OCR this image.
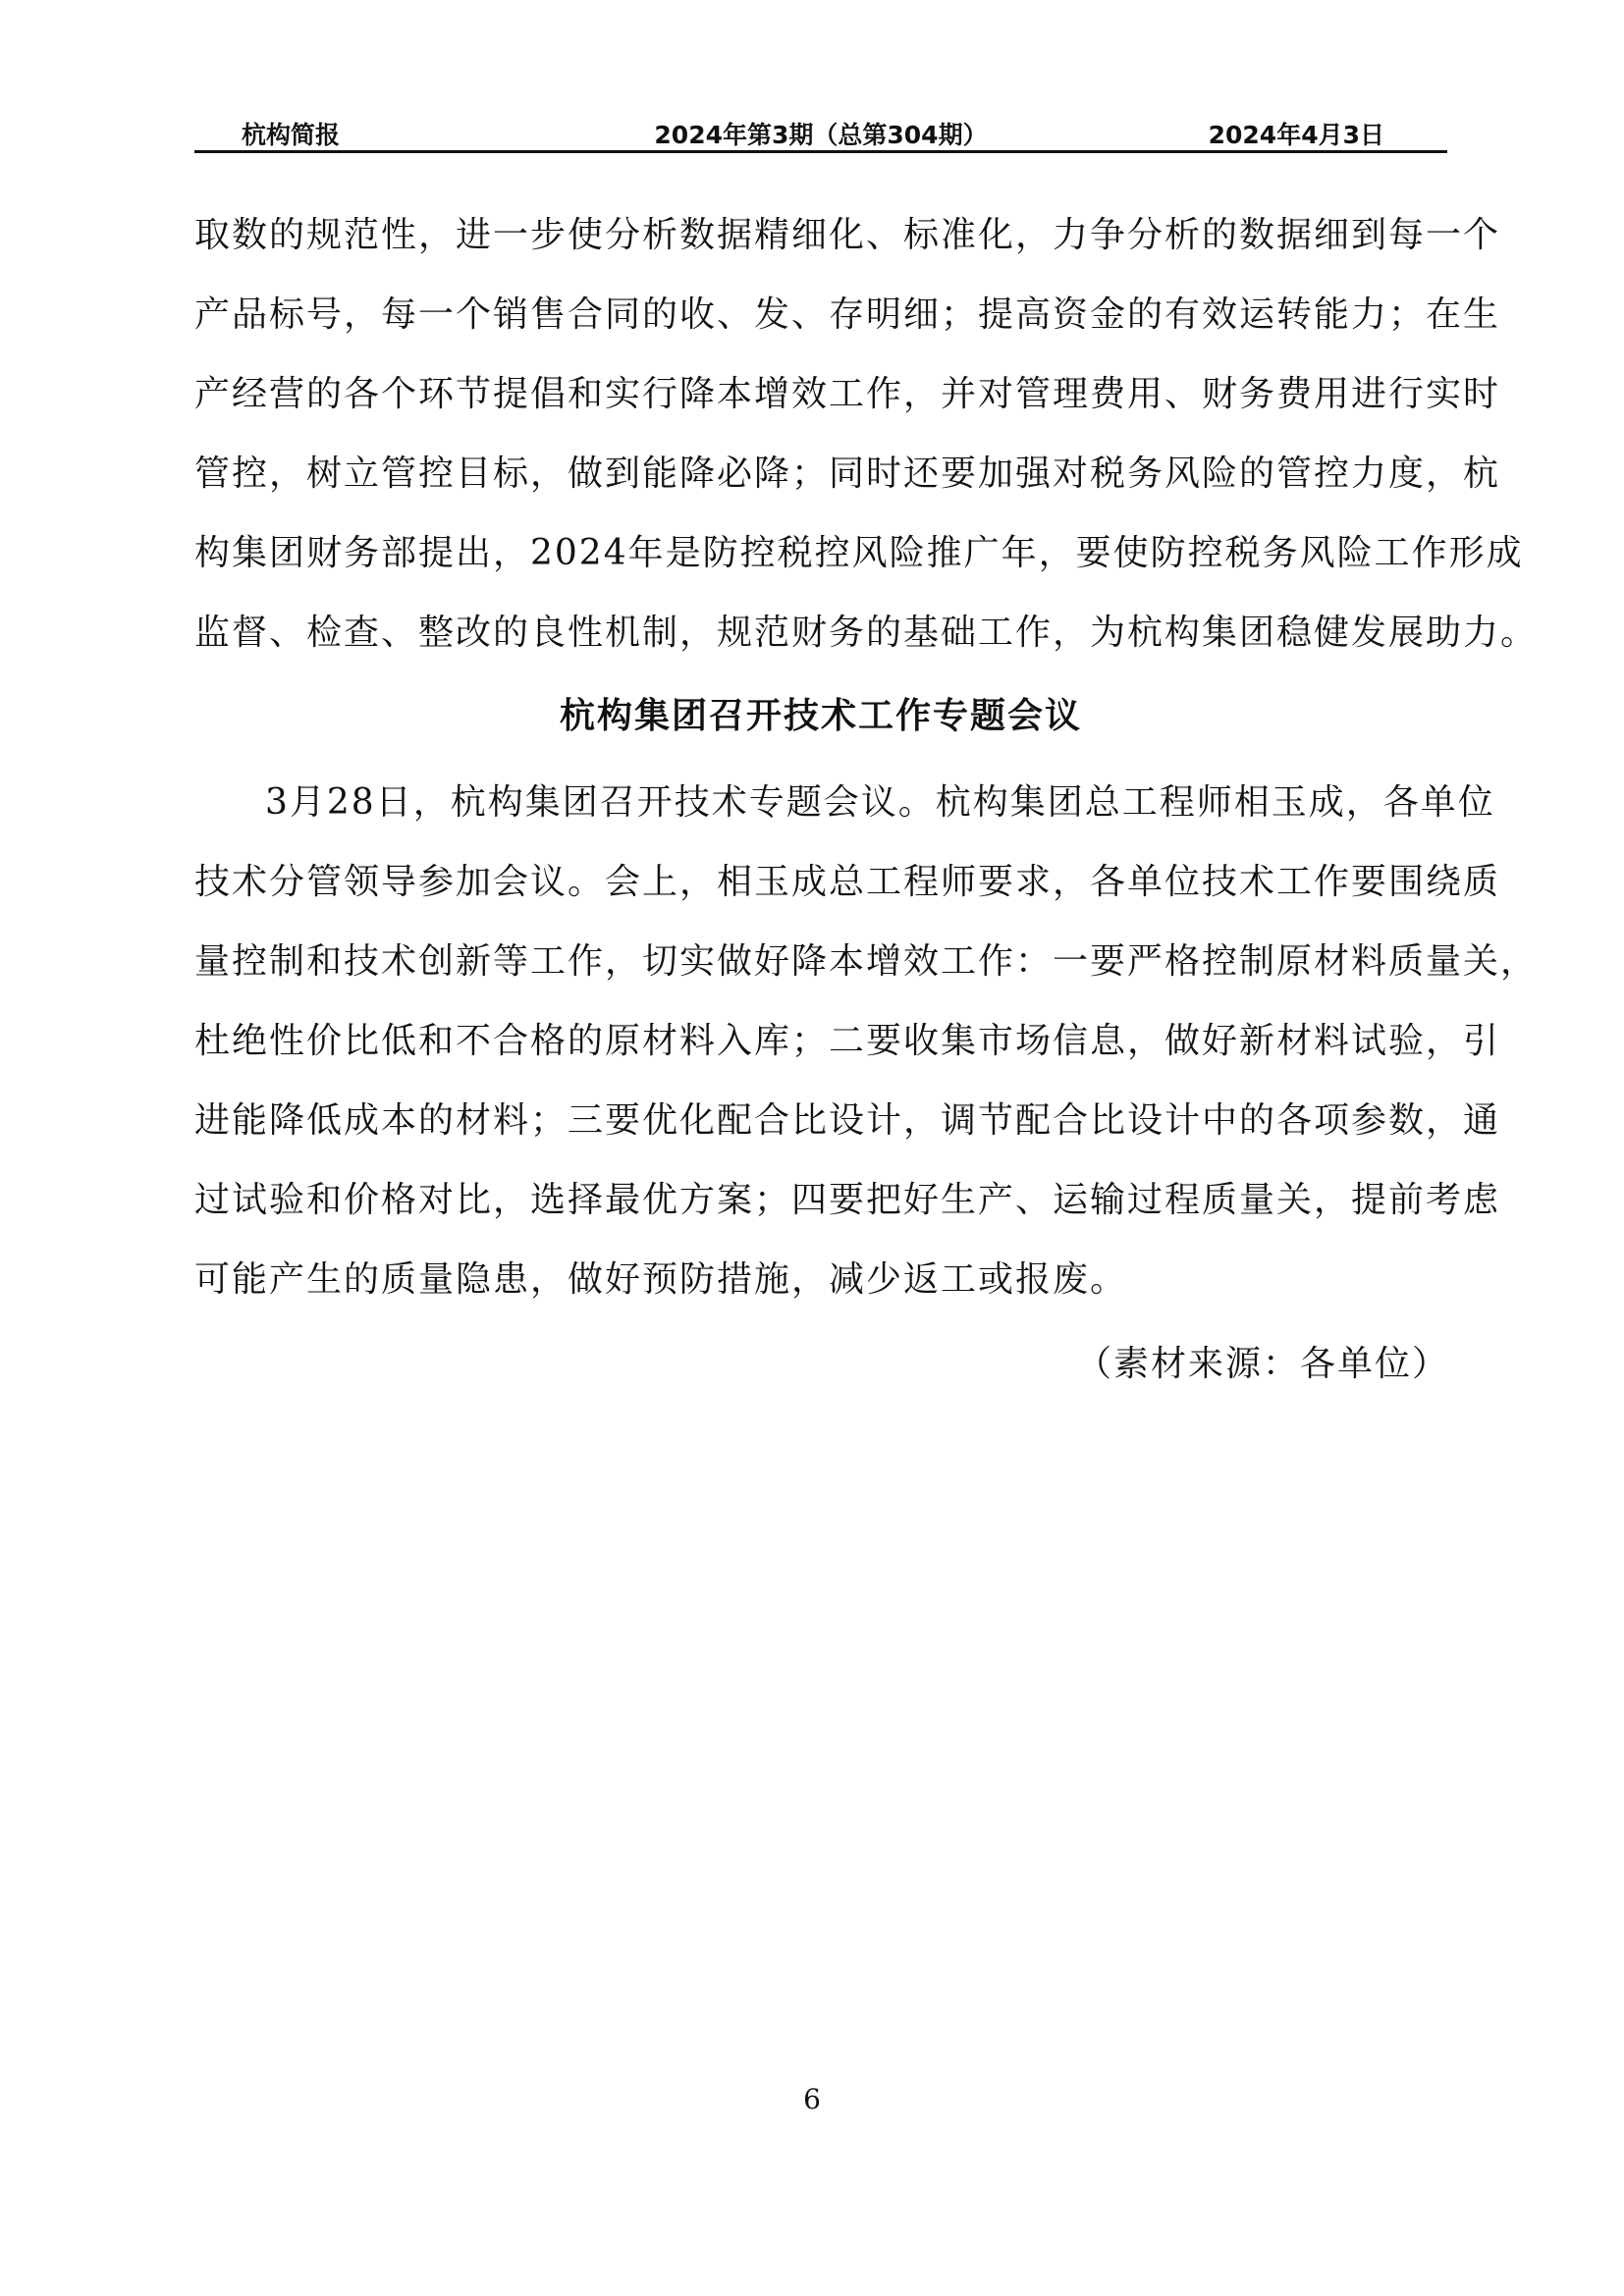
杭构简报	2024年第3期（总第304期）	2024年4月3日
取数的规范性，进一步使分析数据精细化、标准化，力争分析的数据细到每一个
产品标号，每一个销售合同的收、发、存明细；提高资金的有效运转能力；在生
产经营的各个环节提倡和实行降本增效工作，并对管理费用、财务费用进行实时
管控，树立管控目标，做到能降必降；同时还要加强对税务风险的管控力度，杭
构集团财务部提出，2024年是防控税控风险推广年，要使防控税务风险工作形成
监督、检查、整改的良性机制，规范财务的基础工作，为杭构集团稳健发展助力。
杭构集团召开技术工作专题会议
3月28日，杭构集团召开技术专题会议。杭构集团总工程师相玉成，各单位
技术分管领导参加会议。会上，相玉成总工程师要求，各单位技术工作要围绕质
量控制和技术创新等工作，切实做好降本增效工作：一要严格控制原材料质量关，
杜绝性价比低和不合格的原材料入库；二要收集市场信息，做好新材料试验，引
进能降低成本的材料；三要优化配合比设计，调节配合比设计中的各项参数，通
过试验和价格对比，选择最优方案；四要把好生产、运输过程质量关，提前考虑
可能产生的质量隐患，做好预防措施，减少返工或报废。
（素材来源：各单位）
6
